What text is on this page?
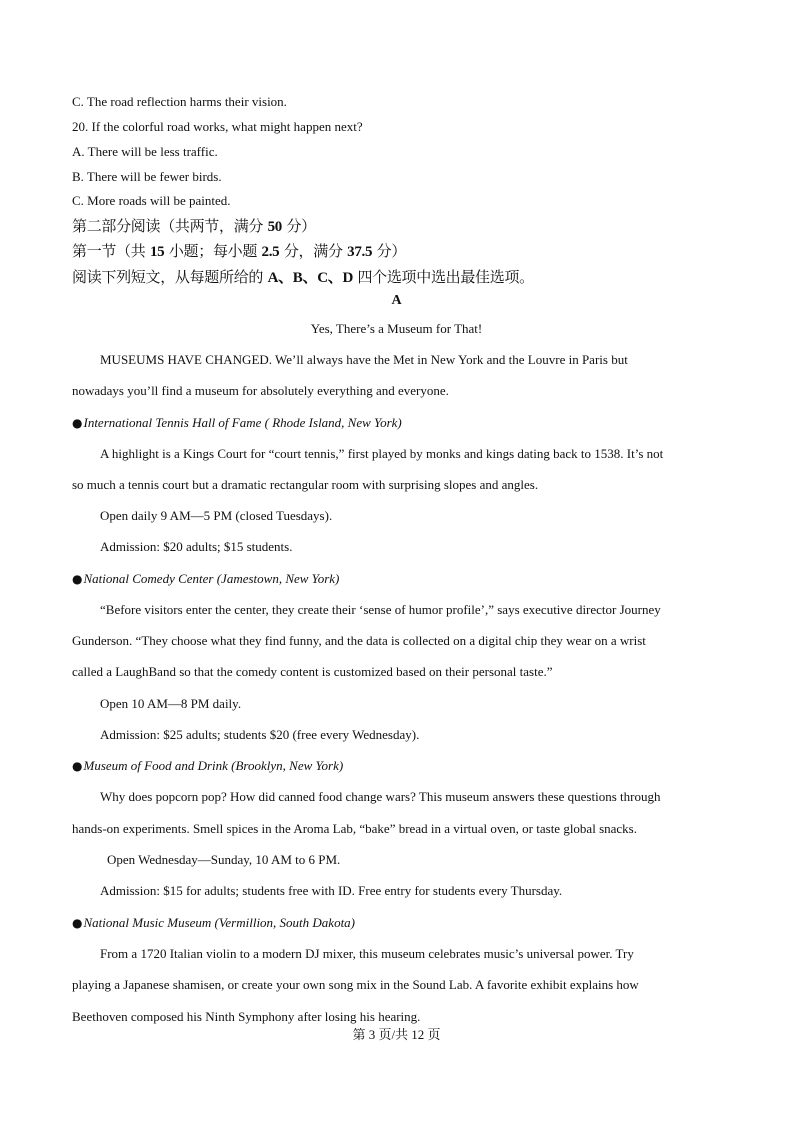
C. The road reflection harms their vision.
20. If the colorful road works, what might happen next?
A. There will be less traffic.
B. There will be fewer birds.
C. More roads will be painted.
第二部分阅读（共两节，满分 50 分）
第一节（共 15 小题；每小题 2.5 分，满分 37.5 分）
阅读下列短文，从每题所给的 A、B、C、D 四个选项中选出最佳选项。
A
Yes, There’s a Museum for That!
MUSEUMS HAVE CHANGED. We’ll always have the Met in New York and the Louvre in Paris but
nowadays you’ll find a museum for absolutely everything and everyone.
●International Tennis Hall of Fame ( Rhode Island, New York)
A highlight is a Kings Court for “court tennis,” first played by monks and kings dating back to 1538. It’s not
so much a tennis court but a dramatic rectangular room with surprising slopes and angles.
Open daily 9 AM—5 PM (closed Tuesdays).
Admission: $20 adults; $15 students.
●National Comedy Center (Jamestown, New York)
“Before visitors enter the center, they create their ‘sense of humor profile’,” says executive director Journey
Gunderson. “They choose what they find funny, and the data is collected on a digital chip they wear on a wrist
called a LaughBand so that the comedy content is customized based on their personal taste.”
Open 10 AM—8 PM daily.
Admission: $25 adults; students $20 (free every Wednesday).
●Museum of Food and Drink (Brooklyn, New York)
Why does popcorn pop? How did canned food change wars? This museum answers these questions through
hands-on experiments. Smell spices in the Aroma Lab, “bake” bread in a virtual oven, or taste global snacks.
Open Wednesday—Sunday, 10 AM to 6 PM.
Admission: $15 for adults; students free with ID. Free entry for students every Thursday.
●National Music Museum (Vermillion, South Dakota)
From a 1720 Italian violin to a modern DJ mixer, this museum celebrates music’s universal power. Try
playing a Japanese shamisen, or create your own song mix in the Sound Lab. A favorite exhibit explains how
Beethoven composed his Ninth Symphony after losing his hearing.
第 3 页/共 12 页
